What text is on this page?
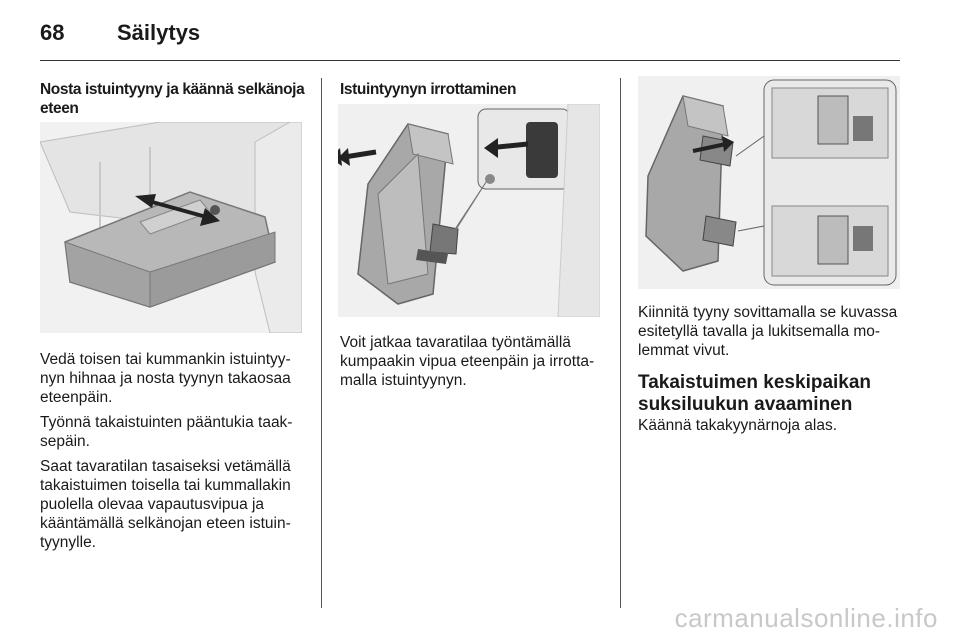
68 Säilytys
Nosta istuintyyny ja käännä selkänoja
eteen

Vedä toisen tai kummankin istuintyy-
nyn hihnaa ja nosta tyynyn takaosaa
eteenpäin.

Työnnä takaistuinten pääntukia taak-
sepäin.

Saat tavaratilan tasaiseksi vetämällä
takaistuimen toisella tai kummallakin
puolella olevaa vapautusvipua ja
kääntämällä selkänojan eteen istuin-
tyynylle.

Istuintyynyn irrottaminen

Voit jatkaa tavaratilaa työntämällä
kumpaakin vipua eteenpäin ja irrotta-
malla istuintyynyn.

Kiinnitä tyyny sovittamalla se kuvassa
esitetyllä tavalla ja lukitsemalla mo-
lemmat vivut.

Takaistuimen keskipaikan
suksiluukun avaaminen

Käännä takakyynärnoja alas.

carmanualsonline.info
